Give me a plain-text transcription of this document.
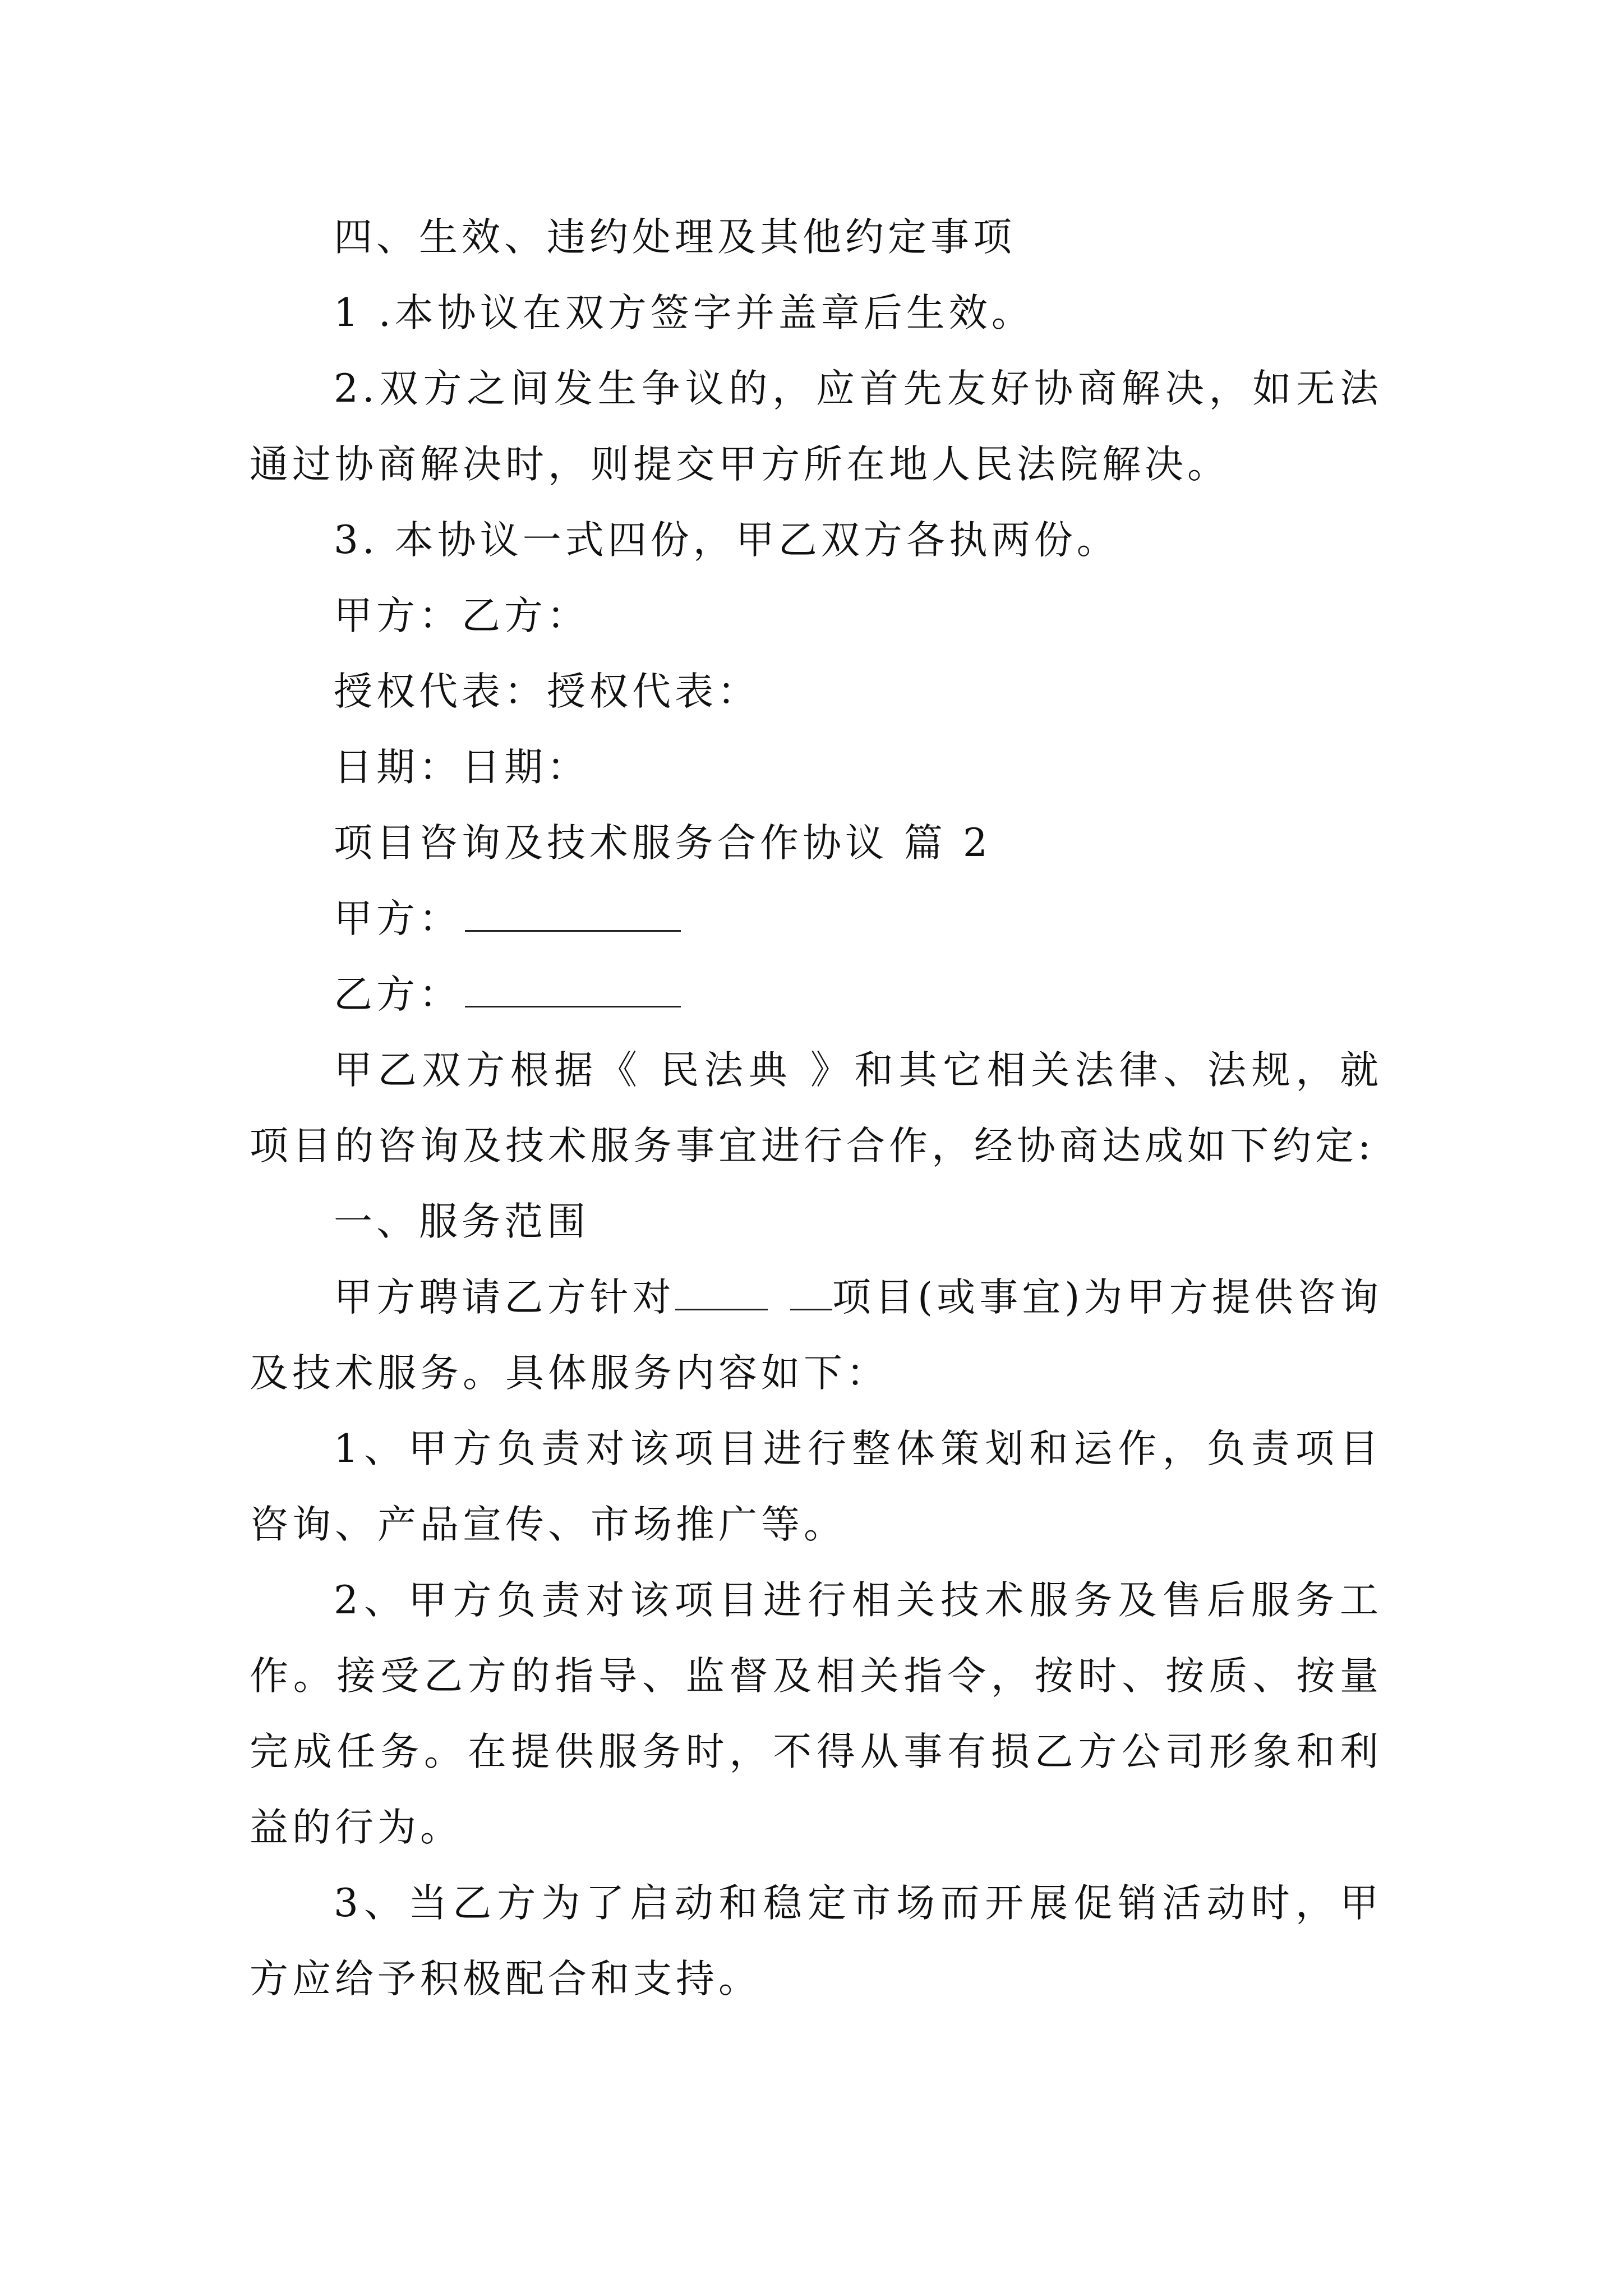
四、生效、违约处理及其他约定事项

1 .本协议在双方签字并盖章后生效。

2.双方之间发生争议的，应首先友好协商解决，如无法通过协商解决时，则提交甲方所在地人民法院解决。

3. 本协议一式四份，甲乙双方各执两份。

甲方：乙方：

授权代表：授权代表：

日期：日期：

项目咨询及技术服务合作协议 篇 2

甲方：

乙方：

甲乙双方根据《 民法典 》和其它相关法律、法规，就项目的咨询及技术服务事宜进行合作，经协商达成如下约定:

一、服务范围

甲方聘请乙方针对	项目(或事宜)为甲方提供咨询及技术服务。具体服务内容如下：

1、甲方负责对该项目进行整体策划和运作，负责项目咨询、产品宣传、市场推广等。

2、甲方负责对该项目进行相关技术服务及售后服务工作。接受乙方的指导、监督及相关指令，按时、按质、按量完成任务。在提供服务时，不得从事有损乙方公司形象和利益的行为。

3、当乙方为了启动和稳定市场而开展促销活动时，甲方应给予积极配合和支持。
